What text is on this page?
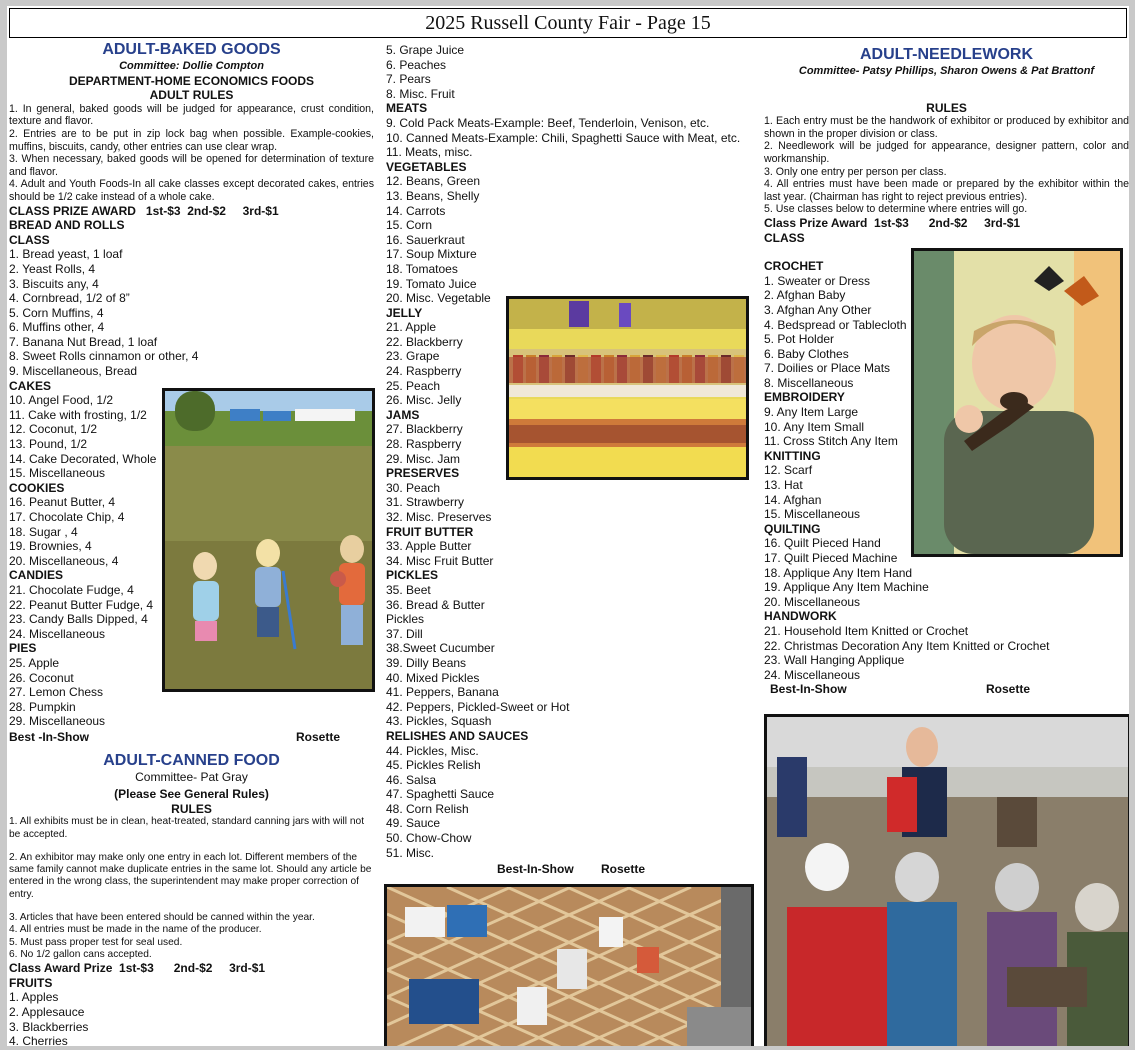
2025 Russell County Fair - Page 15
ADULT-BAKED GOODS
Committee: Dollie Compton
DEPARTMENT-HOME ECONOMICS FOODS
ADULT RULES
1. In general, baked goods will be judged for appearance, crust condition, texture and flavor.
2. Entries are to be put in zip lock bag when possible. Example-cookies, muffins, biscuits, candy, other entries can use clear wrap.
3. When necessary, baked goods will be opened for determination of texture and flavor.
4. Adult and Youth Foods-In all cake classes except decorated cakes, entries should be 1/2 cake instead of a whole cake.
CLASS PRIZE AWARD   1st-$3  2nd-$2     3rd-$1
BREAD AND ROLLS
CLASS
1. Bread yeast, 1 loaf
2. Yeast Rolls, 4
3. Biscuits any, 4
4. Cornbread, 1/2 of 8”
5. Corn Muffins, 4
6. Muffins other, 4
7. Banana Nut Bread, 1 loaf
8. Sweet Rolls cinnamon or other, 4
9. Miscellaneous, Bread
CAKES
10. Angel Food, 1/2
11. Cake with frosting, 1/2
12. Coconut, 1/2
13. Pound, 1/2
14. Cake Decorated, Whole
15. Miscellaneous
COOKIES
16. Peanut Butter, 4
17. Chocolate Chip, 4
18. Sugar , 4
19. Brownies, 4
20. Miscellaneous, 4
CANDIES
21. Chocolate Fudge, 4
22. Peanut Butter Fudge, 4
23. Candy Balls Dipped, 4
24. Miscellaneous
PIES
25. Apple
26. Coconut
27. Lemon Chess
28. Pumpkin
29. Miscellaneous
Best -In-Show	Rosette
ADULT-CANNED FOOD
Committee- Pat Gray
(Please See General Rules)
RULES
1. All exhibits must be in clean, heat-treated, standard canning jars with will not be accepted.
2. An exhibitor may make only one entry in each lot. Different members of the same family cannot make duplicate entries in the same lot. Should any article be entered in the wrong class, the superintendent may make proper correction of entry.
3. Articles that have been entered should be canned within the year.
4. All entries must be made in the name of the producer.
5. Must pass proper test for seal used.
6. No 1/2 gallon cans accepted.
Class Award Prize  1st-$3      2nd-$2     3rd-$1
FRUITS
1. Apples
2. Applesauce
3. Blackberries
4. Cherries
5. Grape Juice
6. Peaches
7. Pears
8. Misc. Fruit
MEATS
9. Cold Pack Meats-Example: Beef, Tenderloin, Venison, etc.
10. Canned Meats-Example: Chili, Spaghetti Sauce with Meat, etc.
11. Meats, misc.
VEGETABLES
12. Beans, Green
13. Beans, Shelly
14. Carrots
15. Corn
16. Sauerkraut
17. Soup Mixture
18. Tomatoes
19. Tomato Juice
20. Misc. Vegetable
JELLY
21. Apple
22. Blackberry
23. Grape
24. Raspberry
25. Peach
26. Misc. Jelly
JAMS
27. Blackberry
28. Raspberry
29. Misc. Jam
PRESERVES
30. Peach
31. Strawberry
32. Misc. Preserves
FRUIT BUTTER
33. Apple Butter
34. Misc Fruit Butter
PICKLES
35. Beet
36. Bread & Butter
Pickles
37. Dill
38.Sweet Cucumber
39. Dilly Beans
40. Mixed Pickles
41. Peppers, Banana
42. Peppers, Pickled-Sweet or Hot
43. Pickles, Squash
RELISHES AND SAUCES
44. Pickles, Misc.
45. Pickles Relish
46. Salsa
47. Spaghetti Sauce
48. Corn Relish
49. Sauce
50. Chow-Chow
51. Misc.
Best-In-Show	Rosette
ADULT-NEEDLEWORK
Committee- Patsy Phillips, Sharon Owens & Pat Brattonf
RULES
1. Each entry must be the handwork of exhibitor or produced by exhibitor and shown in the proper division or class.
2. Needlework will be judged for appearance, designer pattern, color and workmanship.
3. Only one entry per person per class.
4. All entries must have been made or prepared by the exhibitor within the last year. (Chairman has right to reject previous entries).
5. Use classes below to determine where entries will go.
Class Prize Award  1st-$3      2nd-$2     3rd-$1
CLASS
CROCHET
1. Sweater or Dress
2. Afghan Baby
3. Afghan Any Other
4. Bedspread or Tablecloth
5. Pot Holder
6. Baby Clothes
7. Doilies or Place Mats
8. Miscellaneous
EMBROIDERY
9. Any Item Large
10. Any Item Small
11. Cross Stitch Any Item
KNITTING
12. Scarf
13. Hat
14. Afghan
15. Miscellaneous
QUILTING
16. Quilt Pieced Hand
17. Quilt Pieced Machine
18. Applique Any Item Hand
19. Applique Any Item Machine
20. Miscellaneous
HANDWORK
21. Household Item Knitted or Crochet
22. Christmas Decoration Any Item Knitted or Crochet
23. Wall Hanging Applique
24. Miscellaneous
Best-In-Show	Rosette
